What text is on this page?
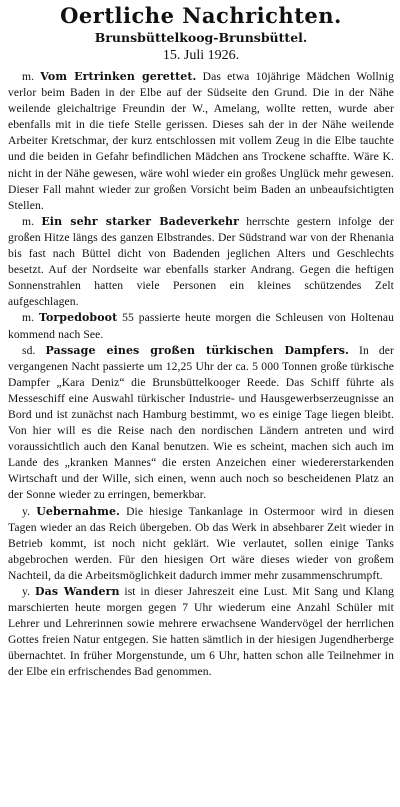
Oertliche Nachrichten.
Brunsbüttelkoog-Brunsbüttel.
15. Juli 1926.

m. Vom Ertrinken gerettet. Das etwa 10jährige Mädchen Wollnig verlor beim Baden in der Elbe auf der Südseite den Grund. Die in der Nähe weilende gleichaltrige Freundin der W., Amelang, wollte retten, wurde aber ebenfalls mit in die tiefe Stelle gerissen. Dieses sah der in der Nähe weilende Arbeiter Kretschmar, der kurz entschlossen mit vollem Zeug in die Elbe tauchte und die beiden in Gefahr befindlichen Mädchen ans Trockene schaffte. Wäre K. nicht in der Nähe gewesen, wäre wohl wieder ein großes Unglück mehr gewesen. Dieser Fall mahnt wieder zur großen Vorsicht beim Baden an unbeaufsichtigten Stellen.

m. Ein sehr starker Badeverkehr herrschte gestern infolge der großen Hitze längs des ganzen Elbstrandes. Der Südstrand war von der Rhenania bis fast nach Büttel dicht von Badenden jeglichen Alters und Geschlechts besetzt. Auf der Nordseite war ebenfalls starker Andrang. Gegen die heftigen Sonnenstrahlen hatten viele Personen ein kleines schützendes Zelt aufgeschlagen.

m. Torpedoboot 55 passierte heute morgen die Schleusen von Holtenau kommend nach See.

sd. Passage eines großen türkischen Dampfers. In der vergangenen Nacht passierte um 12,25 Uhr der ca. 5 000 Tonnen große türkische Dampfer „Kara Deniz“ die Brunsbüttelkooger Reede. Das Schiff führte als Messeschiff eine Auswahl türkischer Industrie- und Hausgewerbserzeugnisse an Bord und ist zunächst nach Hamburg bestimmt, wo es einige Tage liegen bleibt. Von hier will es die Reise nach den nordischen Ländern antreten und wird voraussichtlich auch den Kanal benutzen. Wie es scheint, machen sich auch im Lande des „kranken Mannes“ die ersten Anzeichen einer wiedererstarkenden Wirtschaft und der Wille, sich einen, wenn auch noch so bescheidenen Platz an der Sonne wieder zu erringen, bemerkbar.

y. Uebernahme. Die hiesige Tankanlage in Ostermoor wird in diesen Tagen wieder an das Reich übergeben. Ob das Werk in absehbarer Zeit wieder in Betrieb kommt, ist noch nicht geklärt. Wie verlautet, sollen einige Tanks abgebrochen werden. Für den hiesigen Ort wäre dieses wieder von großem Nachteil, da die Arbeitsmöglichkeit dadurch immer mehr zusammenschrumpft.

y. Das Wandern ist in dieser Jahreszeit eine Lust. Mit Sang und Klang marschierten heute morgen gegen 7 Uhr wiederum eine Anzahl Schüler mit Lehrer und Lehrerinnen sowie mehrere erwachsene Wandervögel der herrlichen Gottes freien Natur entgegen. Sie hatten sämtlich in der hiesigen Jugendherberge übernachtet. In früher Morgenstunde, um 6 Uhr, hatten schon alle Teilnehmer in der Elbe ein erfrischendes Bad genommen.
